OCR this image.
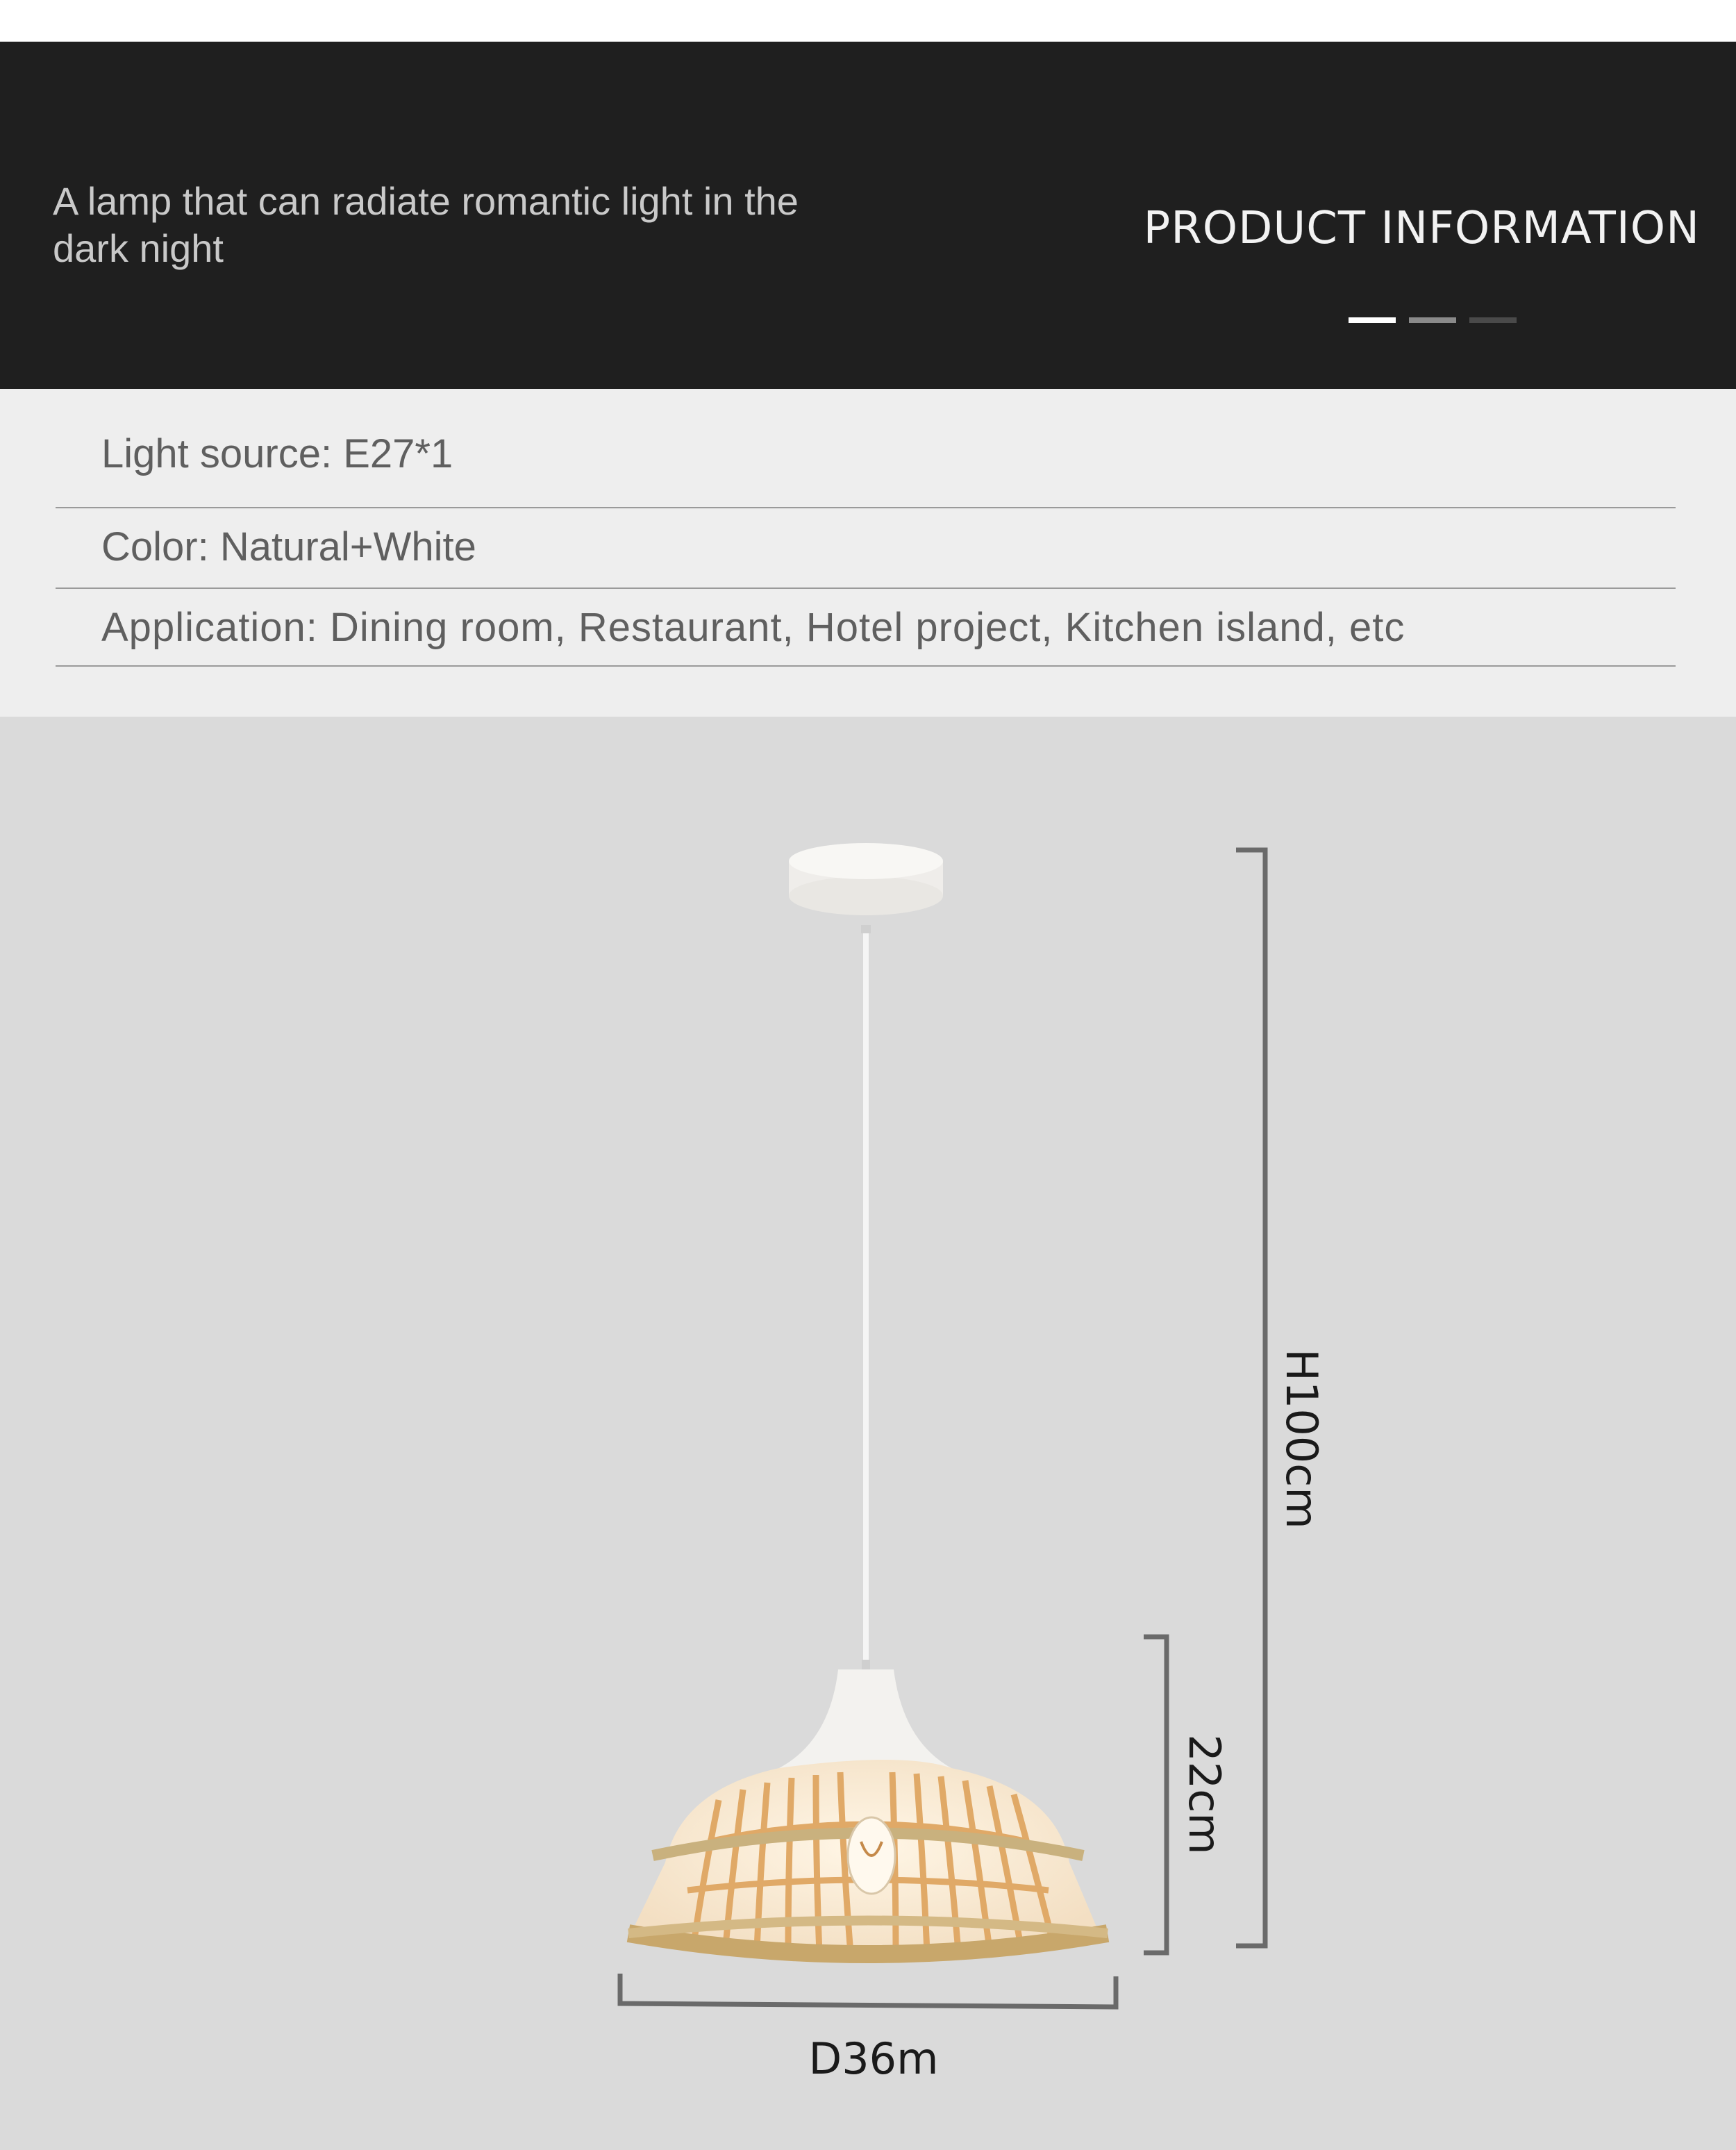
A lamp that can radiate romantic light in the dark night	PRODUCT INFORMATION
Light source: E27*1
Color: Natural+White
Application: Dining room, Restaurant, Hotel project, Kitchen island, etc
H100cm
22cm
D36m
